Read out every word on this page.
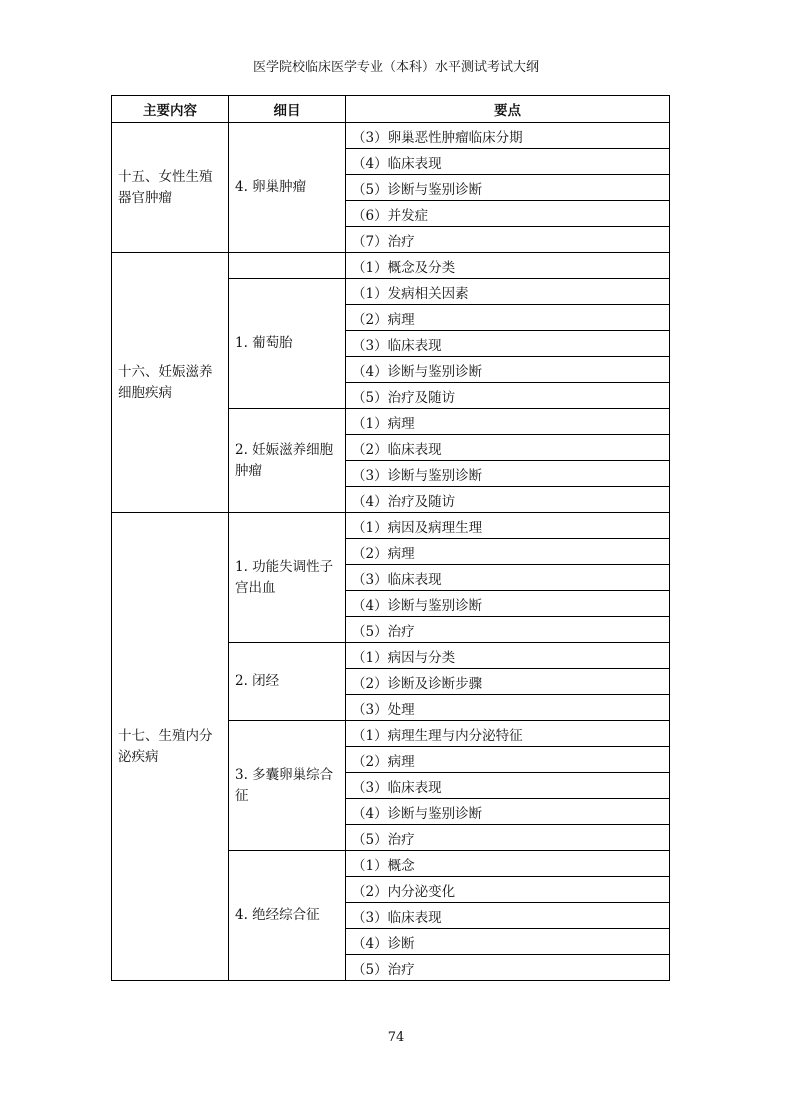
医学院校临床医学专业（本科）水平测试考试大纲
主要内容	细目	要点
十五、女性生殖器官肿瘤	4. 卵巢肿瘤	（3）卵巢恶性肿瘤临床分期
		（4）临床表现
		（5）诊断与鉴别诊断
		（6）并发症
		（7）治疗
十六、妊娠滋养细胞疾病		（1）概念及分类
	1. 葡萄胎	（1）发病相关因素
		（2）病理
		（3）临床表现
		（4）诊断与鉴别诊断
		（5）治疗及随访
	2. 妊娠滋养细胞肿瘤	（1）病理
		（2）临床表现
		（3）诊断与鉴别诊断
		（4）治疗及随访
十七、生殖内分泌疾病	1. 功能失调性子宫出血	（1）病因及病理生理
		（2）病理
		（3）临床表现
		（4）诊断与鉴别诊断
		（5）治疗
	2. 闭经	（1）病因与分类
		（2）诊断及诊断步骤
		（3）处理
	3. 多囊卵巢综合征	（1）病理生理与内分泌特征
		（2）病理
		（3）临床表现
		（4）诊断与鉴别诊断
		（5）治疗
	4. 绝经综合征	（1）概念
		（2）内分泌变化
		（3）临床表现
		（4）诊断
		（5）治疗
74
